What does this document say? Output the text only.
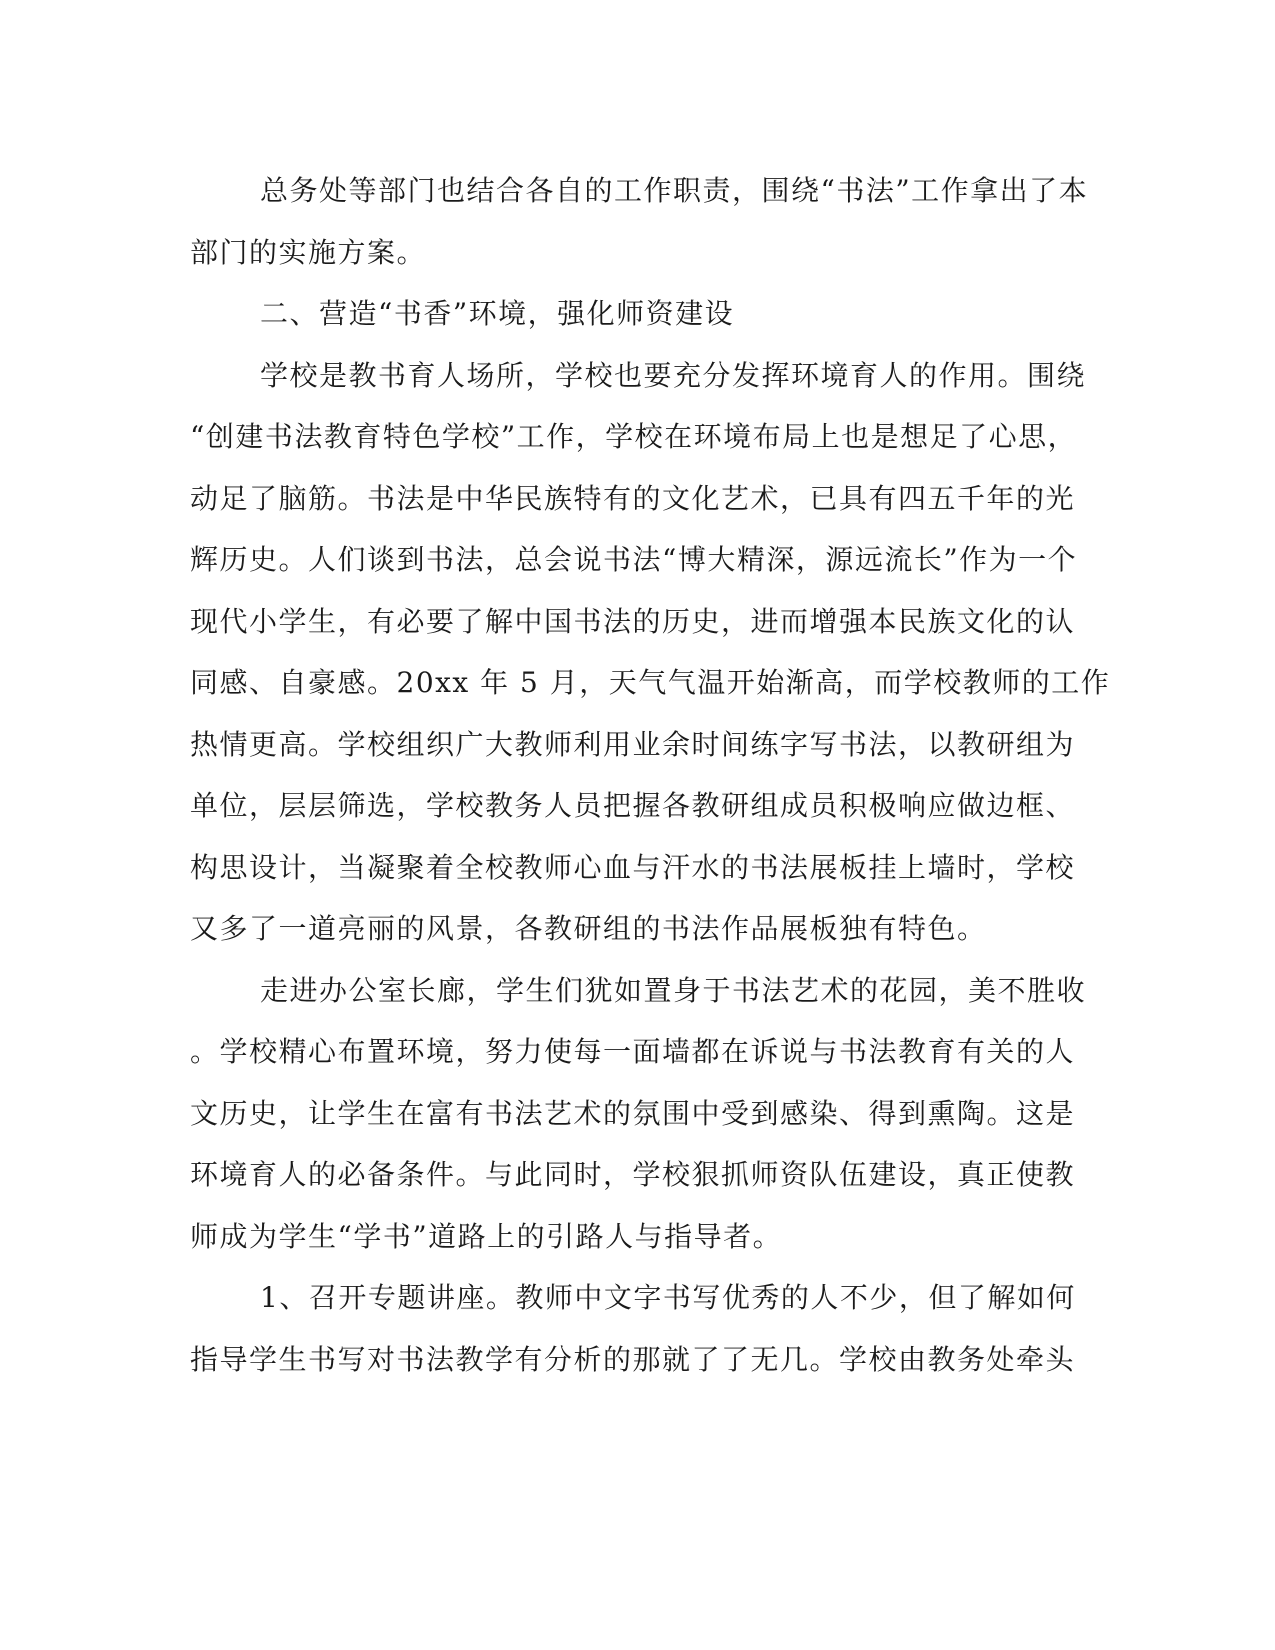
总务处等部门也结合各自的工作职责，围绕“书法”工作拿出了本
部门的实施方案。
二、营造“书香”环境，强化师资建设
学校是教书育人场所，学校也要充分发挥环境育人的作用。围绕
“创建书法教育特色学校”工作，学校在环境布局上也是想足了心思，
动足了脑筋。书法是中华民族特有的文化艺术，已具有四五千年的光
辉历史。人们谈到书法，总会说书法“博大精深，源远流长”作为一个
现代小学生，有必要了解中国书法的历史，进而增强本民族文化的认
同感、自豪感。20xx 年 5 月，天气气温开始渐高，而学校教师的工作
热情更高。学校组织广大教师利用业余时间练字写书法，以教研组为
单位，层层筛选，学校教务人员把握各教研组成员积极响应做边框、
构思设计，当凝聚着全校教师心血与汗水的书法展板挂上墙时，学校
又多了一道亮丽的风景，各教研组的书法作品展板独有特色。
走进办公室长廊，学生们犹如置身于书法艺术的花园，美不胜收
。学校精心布置环境，努力使每一面墙都在诉说与书法教育有关的人
文历史，让学生在富有书法艺术的氛围中受到感染、得到熏陶。这是
环境育人的必备条件。与此同时，学校狠抓师资队伍建设，真正使教
师成为学生“学书”道路上的引路人与指导者。
1、召开专题讲座。教师中文字书写优秀的人不少，但了解如何
指导学生书写对书法教学有分析的那就了了无几。学校由教务处牵头
